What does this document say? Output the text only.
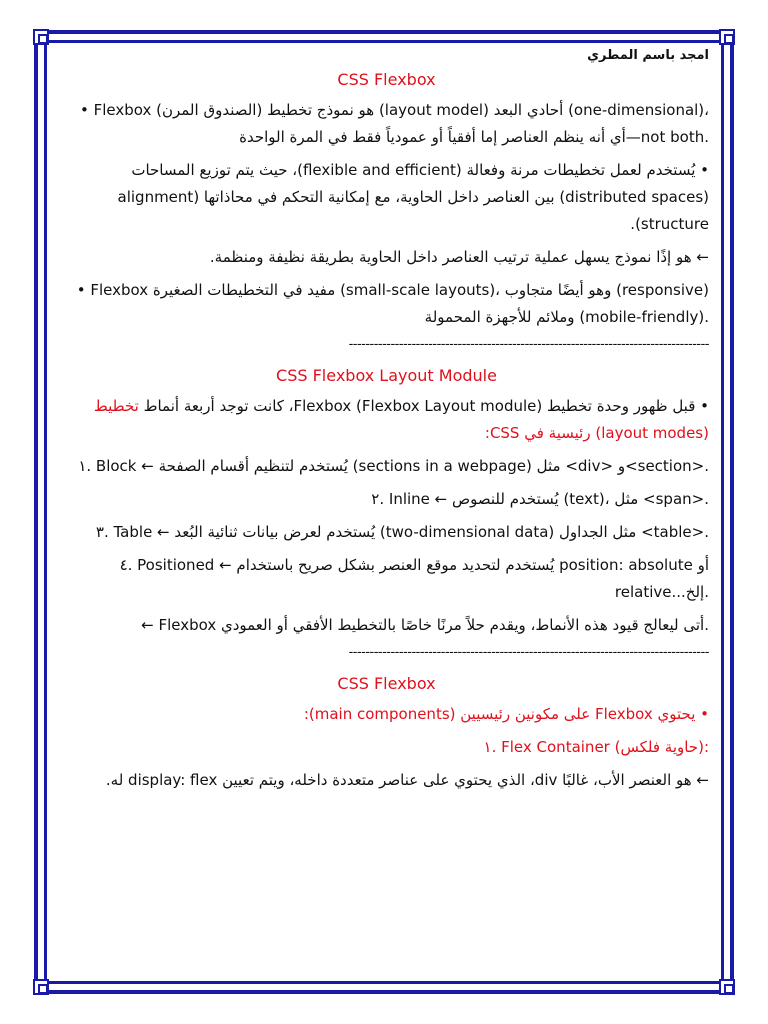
امجد باسم المطري
CSS Flexbox

• Flexbox (الصندوق المرن) هو نموذج تخطيط (layout model) أحادي البعد (one-dimensional)، أي أنه ينظم العناصر إما أفقياً أو عمودياً فقط في المرة الواحدة—not both.

• يُستخدم لعمل تخطيطات مرنة وفعالة (flexible and efficient)، حيث يتم توزيع المساحات (distributed spaces) بين العناصر داخل الحاوية، مع إمكانية التحكم في محاذاتها (alignment structure).

← هو إذًا نموذج يسهل عملية ترتيب العناصر داخل الحاوية بطريقة نظيفة ومنظمة.

• Flexbox مفيد في التخطيطات الصغيرة (small-scale layouts)، وهو أيضًا متجاوب (responsive) وملائم للأجهزة المحمولة (mobile-friendly).

--------------------------------------------------------------------------------------
CSS Flexbox Layout Module

• قبل ظهور وحدة تخطيط Flexbox (Flexbox Layout module)، كانت توجد أربعة أنماط تخطيط (layout modes) رئيسية في CSS:

١. Block ← يُستخدم لتنظيم أقسام الصفحة (sections in a webpage) مثل <div> و<section>.

٢. Inline ← يُستخدم للنصوص (text)، مثل <span>.

٣. Table ← يُستخدم لعرض بيانات ثنائية البُعد (two-dimensional data) مثل الجداول <table>.

٤. Positioned ← يُستخدم لتحديد موقع العنصر بشكل صريح باستخدام position: absolute أو relative...إلخ.

← Flexbox أتى ليعالج قيود هذه الأنماط، ويقدم حلاً مرنًا خاصًا بالتخطيط الأفقي أو العمودي.

--------------------------------------------------------------------------------------
CSS Flexbox

• يحتوي Flexbox على مكونين رئيسيين (main components):

١. Flex Container (حاوية فلكس):

← هو العنصر الأب، غالبًا div، الذي يحتوي على عناصر متعددة داخله، ويتم تعيين display: flex له.
